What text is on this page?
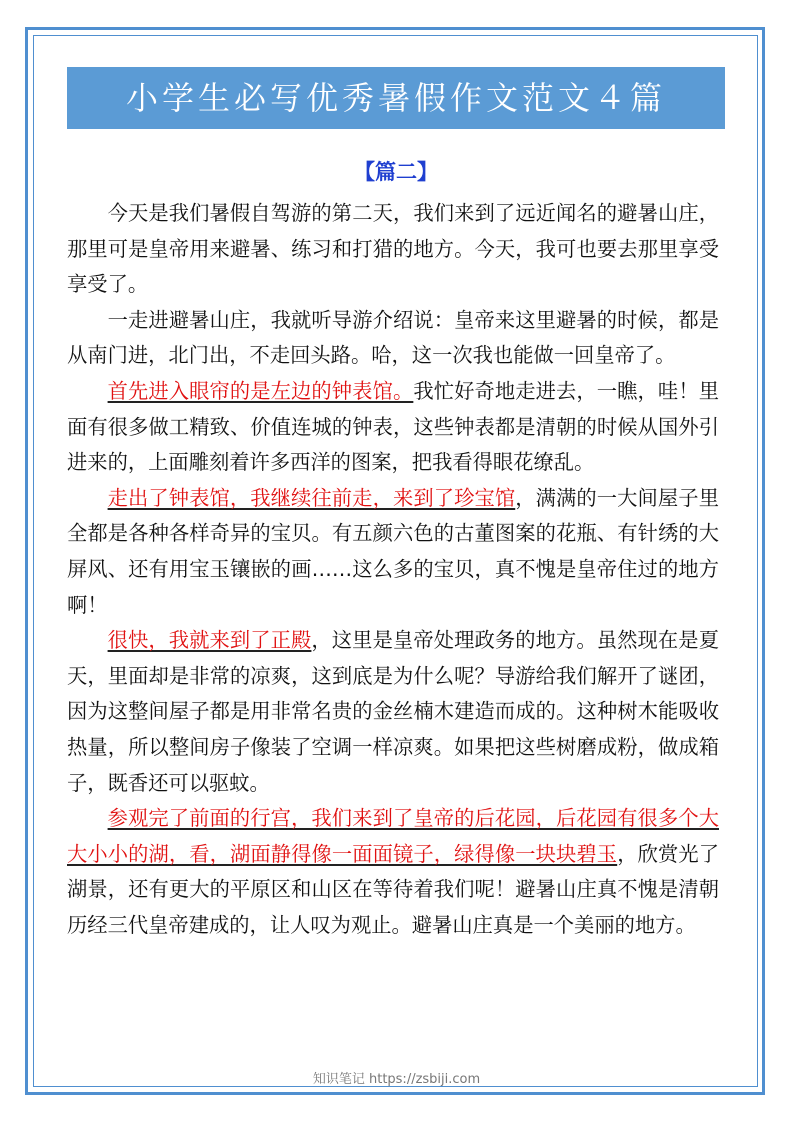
小学生必写优秀暑假作文范文４篇
【篇二】

今天是我们暑假自驾游的第二天，我们来到了远近闻名的避暑山庄，那里可是皇帝用来避暑、练习和打猎的地方。今天，我可也要去那里享受享受了。

一走进避暑山庄，我就听导游介绍说：皇帝来这里避暑的时候，都是从南门进，北门出，不走回头路。哈，这一次我也能做一回皇帝了。

首先进入眼帘的是左边的钟表馆。我忙好奇地走进去，一瞧，哇！里面有很多做工精致、价值连城的钟表，这些钟表都是清朝的时候从国外引进来的，上面雕刻着许多西洋的图案，把我看得眼花缭乱。

走出了钟表馆，我继续往前走，来到了珍宝馆，满满的一大间屋子里全都是各种各样奇异的宝贝。有五颜六色的古董图案的花瓶、有针绣的大屏风、还有用宝玉镶嵌的画……这么多的宝贝，真不愧是皇帝住过的地方啊！

很快，我就来到了正殿，这里是皇帝处理政务的地方。虽然现在是夏天，里面却是非常的凉爽，这到底是为什么呢？导游给我们解开了谜团，因为这整间屋子都是用非常名贵的金丝楠木建造而成的。这种树木能吸收热量，所以整间房子像装了空调一样凉爽。如果把这些树磨成粉，做成箱子，既香还可以驱蚊。

参观完了前面的行宫，我们来到了皇帝的后花园，后花园有很多个大大小小的湖，看，湖面静得像一面面镜子，绿得像一块块碧玉，欣赏光了湖景，还有更大的平原区和山区在等待着我们呢！避暑山庄真不愧是清朝历经三代皇帝建成的，让人叹为观止。避暑山庄真是一个美丽的地方。

知识笔记 https://zsbiji.com
